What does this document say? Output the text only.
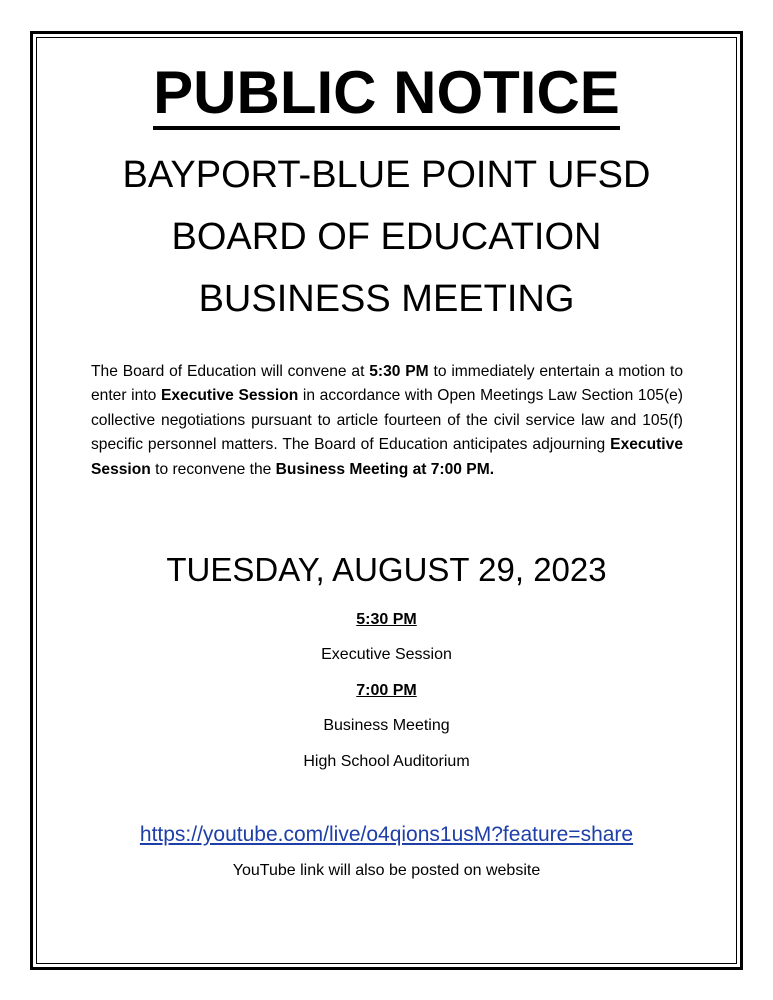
PUBLIC NOTICE
BAYPORT-BLUE POINT UFSD
BOARD OF EDUCATION
BUSINESS MEETING
The Board of Education will convene at 5:30 PM to immediately entertain a motion to enter into Executive Session in accordance with Open Meetings Law Section 105(e) collective negotiations pursuant to article fourteen of the civil service law and 105(f) specific personnel matters. The Board of Education anticipates adjourning Executive Session to reconvene the Business Meeting at 7:00 PM.
TUESDAY, AUGUST 29, 2023
5:30 PM
Executive Session
7:00 PM
Business Meeting
High School Auditorium
https://youtube.com/live/o4qions1usM?feature=share
YouTube link will also be posted on website
